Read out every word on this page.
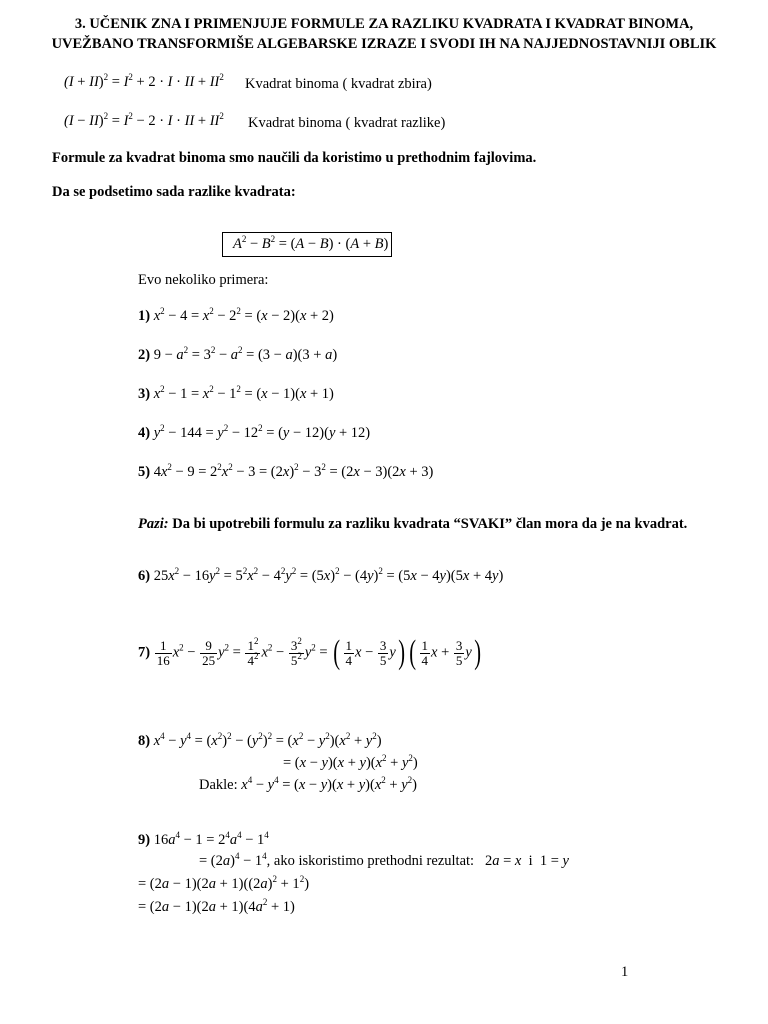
3. UČENIK ZNA I PRIMENJUJE FORMULE ZA RAZLIKU KVADRATA I KVADRAT BINOMA,
UVEŽBANO TRANSFORMIŠE ALGEBARSKE IZRAZE I SVODI IH NA NAJJEDNOSTAVNIJI OBLIK
$(I + II)^2 = I^2 + 2 \cdot I$ · II + $II^2$ Kvadrat binoma ( kvadrat zbira)
$(I - II)^2 = I^2 - 2 \cdot I$ · II + $II^2$ Kvadrat binoma ( kvadrat razlike)
Formule za kvadrat binoma smo naučili da koristimo u prethodnim fajlovima.
Da se podsetimo sada razlike kvadrata:
$A^2 - B^2 = (A - B) \cdot (A + B)$
Evo nekoliko primera:
1) $x^2 - 4 = x^2 - 2^2 = (x - 2)(x + 2)$
2) $9 - a^2 = 3^2 - a^2 = (3 - a)(3 + a)$
3) $x^2 - 1 = x^2 - 1^2 = (x - 1)(x + 1)$
4) $y^2 - 144 = y^2 - 12^2 = (y - 12)(y + 12)$
5) $4x^2 - 9 = 2^2x^2 - 3 = (2x)^2 - 3^2 = (2x - 3)(2x + 3)$
Pazi: Da bi upotrebili formulu za razliku kvadrata “SVAKI” član mora da je na kvadrat.
6) $25x^2 - 16y^2 = 5^2x^2 - 4^2y^2 = (5x)^2 - (4y)^2 = (5x - 4y)(5x + 4y)$
$7) \frac{1}{16} x^2 - \frac{9}{25} y^2 = \frac{1^2}{4^2} x^2 - \frac{3^2}{5^2} y^2$ = ( $\frac{1}{4}$ $x - \frac{3}{5} y$) ( $\frac{1}{4}$ $x + \frac{3}{5} y$)
8) $x^4 - y^4 = (x^2)^2 - (y^2)^2 = (x^2 - y^2)(x^2 + y^2)$
= $(x - y)(x + y)(x^2 + y^2)$
Dakle: $x^4 - y^4 = (x - y)(x + y)(x^2 + y^2)$
9) $16a^4 - 1 = 2^4a^4 - 1^4$
= $(2a)^4 - 1^4$, ako iskoristimo prethodni rezultat:   2a = x i  1 = y
= $(2a - 1)(2a + 1)((2a)^2 + 1^2)$
= $(2a - 1)(2a + 1)(4a^2 + 1)$
1
